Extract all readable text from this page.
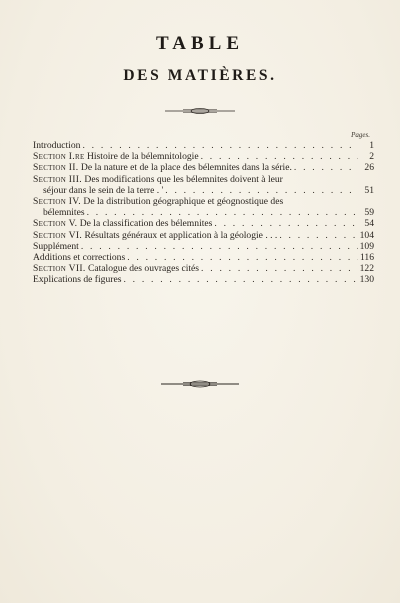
TABLE
DES MATIÈRES.
Pages.
Introduction . . .	1
Section I.re Histoire de la bélemnitologie . . .	2
Section II. De la nature et de la place des bélemnites dans la série. . . .	26
Section III. Des modifications que les bélemnites doivent à leur
séjour dans le sein de la terre . ' . . .	51
Section IV. De la distribution géographique et géognostique des
bélemnites . . .	59
Section V. De la classification des bélemnites . . .	54
Section VI. Résultats généraux et application à la géologie . . . . . .	104
Supplément . . .	109
Additions et corrections . . .	116
Section VII. Catalogue des ouvrages cités . . .	122
Explications de figures . . .	130
